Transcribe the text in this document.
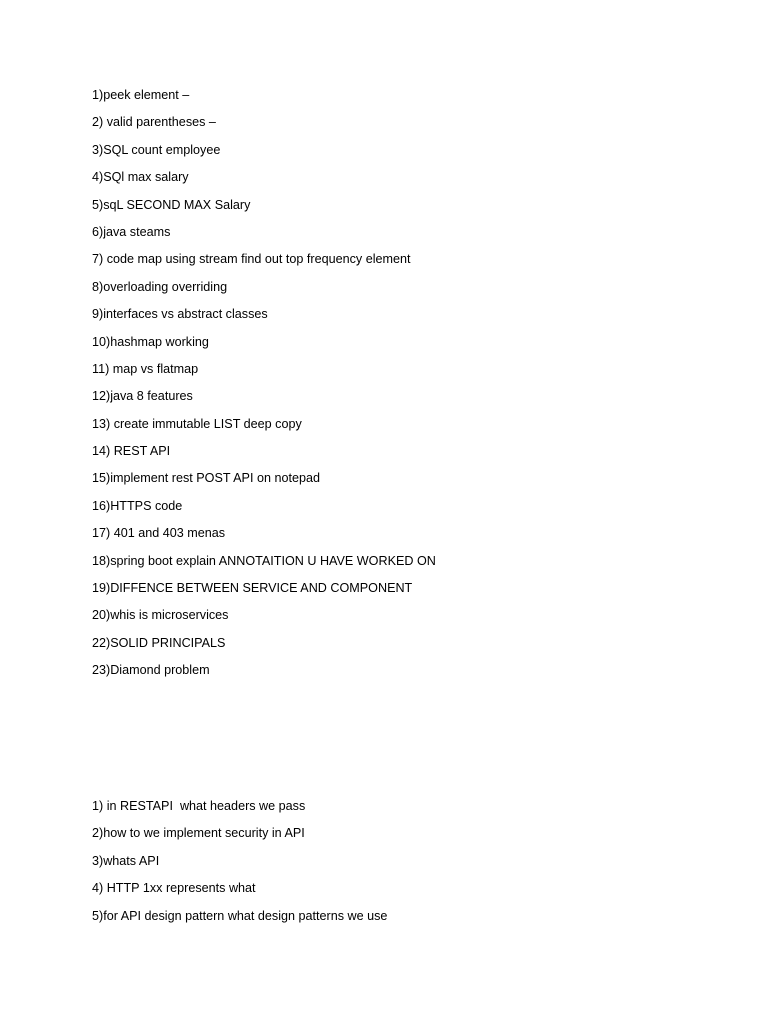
1)peek element –
2) valid parentheses –
3)SQL count employee
4)SQl max salary
5)sqL SECOND MAX Salary
6)java steams
7) code map using stream find out top frequency element
8)overloading overriding
9)interfaces vs abstract classes
10)hashmap working
11) map vs flatmap
12)java 8 features
13) create immutable LIST deep copy
14) REST API
15)implement rest POST API on notepad
16)HTTPS code
17) 401 and 403 menas
18)spring boot explain ANNOTAITION U HAVE WORKED ON
19)DIFFENCE BETWEEN SERVICE AND COMPONENT
20)whis is microservices
22)SOLID PRINCIPALS
23)Diamond problem
1) in RESTAPI  what headers we pass
2)how to we implement security in API
3)whats API
4) HTTP 1xx represents what
5)for API design pattern what design patterns we use
